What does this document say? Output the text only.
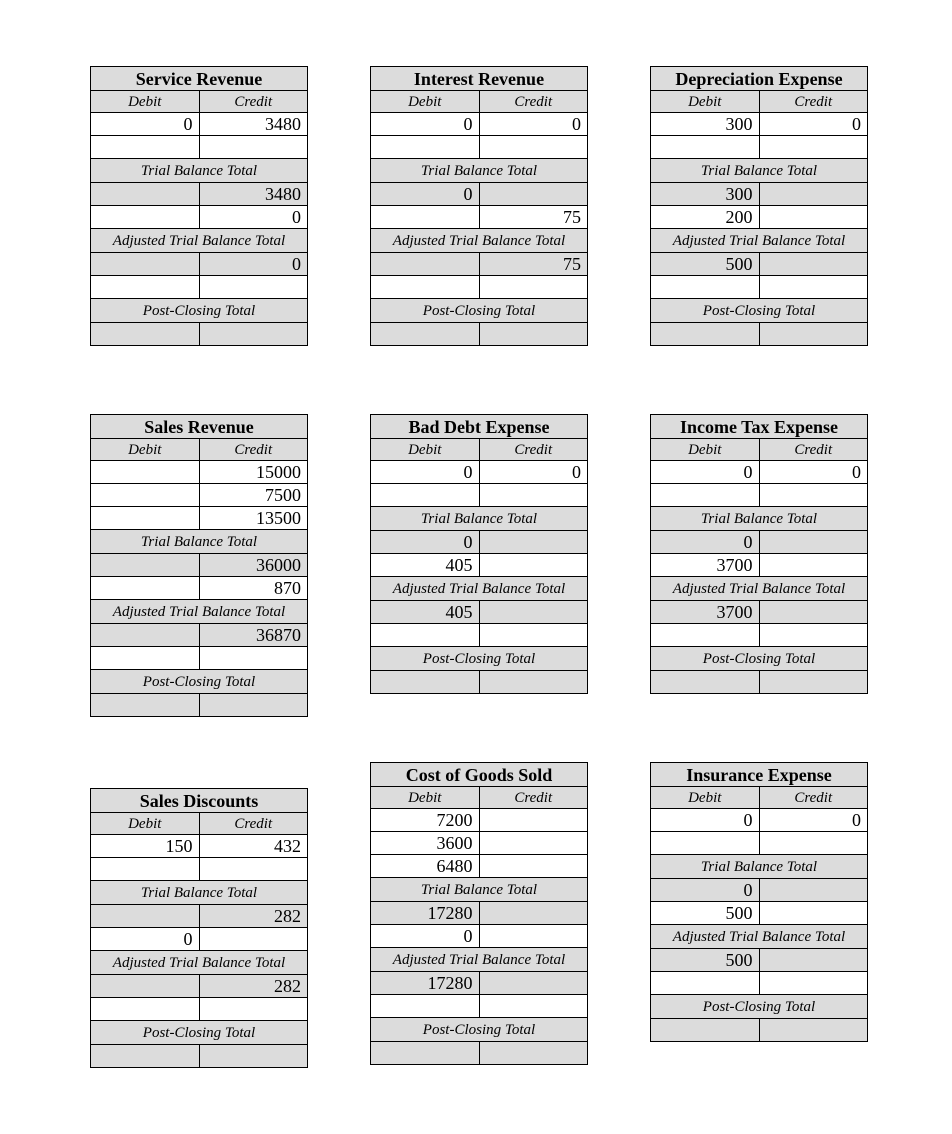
Service Revenue	
Debit	Credit
0	3480

Trial Balance Total	
	3480
	0
Adjusted Trial Balance Total	
	0

Post-Closing Total	

Interest Revenue	
Debit	Credit
0	0

Trial Balance Total	
0	
	75
Adjusted Trial Balance Total	
	75

Post-Closing Total	

Depreciation Expense	
Debit	Credit
300	0

Trial Balance Total	
300	
200	
Adjusted Trial Balance Total	
500	

Post-Closing Total	

Sales Revenue	
Debit	Credit
	15000
	7500
	13500
Trial Balance Total	
	36000
	870
Adjusted Trial Balance Total	
	36870

Post-Closing Total	

Bad Debt Expense	
Debit	Credit
0	0

Trial Balance Total	
0	
405	
Adjusted Trial Balance Total	
405	

Post-Closing Total	

Income Tax Expense	
Debit	Credit
0	0

Trial Balance Total	
0	
3700	
Adjusted Trial Balance Total	
3700	

Post-Closing Total	

Sales Discounts	
Debit	Credit
150	432

Trial Balance Total	
	282
0	
Adjusted Trial Balance Total	
	282

Post-Closing Total	

Cost of Goods Sold	
Debit	Credit
7200	
3600	
6480	
Trial Balance Total	
17280	
0	
Adjusted Trial Balance Total	
17280	

Post-Closing Total	

Insurance Expense	
Debit	Credit
0	0

Trial Balance Total	
0	
500	
Adjusted Trial Balance Total	
500	

Post-Closing Total	
